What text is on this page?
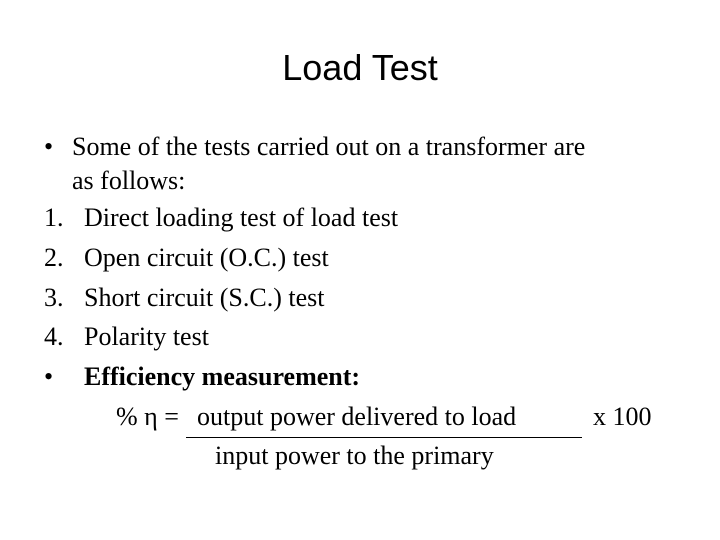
Load Test
• Some of the tests carried out on a transformer are
as follows:
1. Direct loading test of load test
2. Open circuit (O.C.) test
3. Short circuit (S.C.) test
4. Polarity test
• Efficiency measurement:
% η = output power delivered to load	x 100
input power to the primary
